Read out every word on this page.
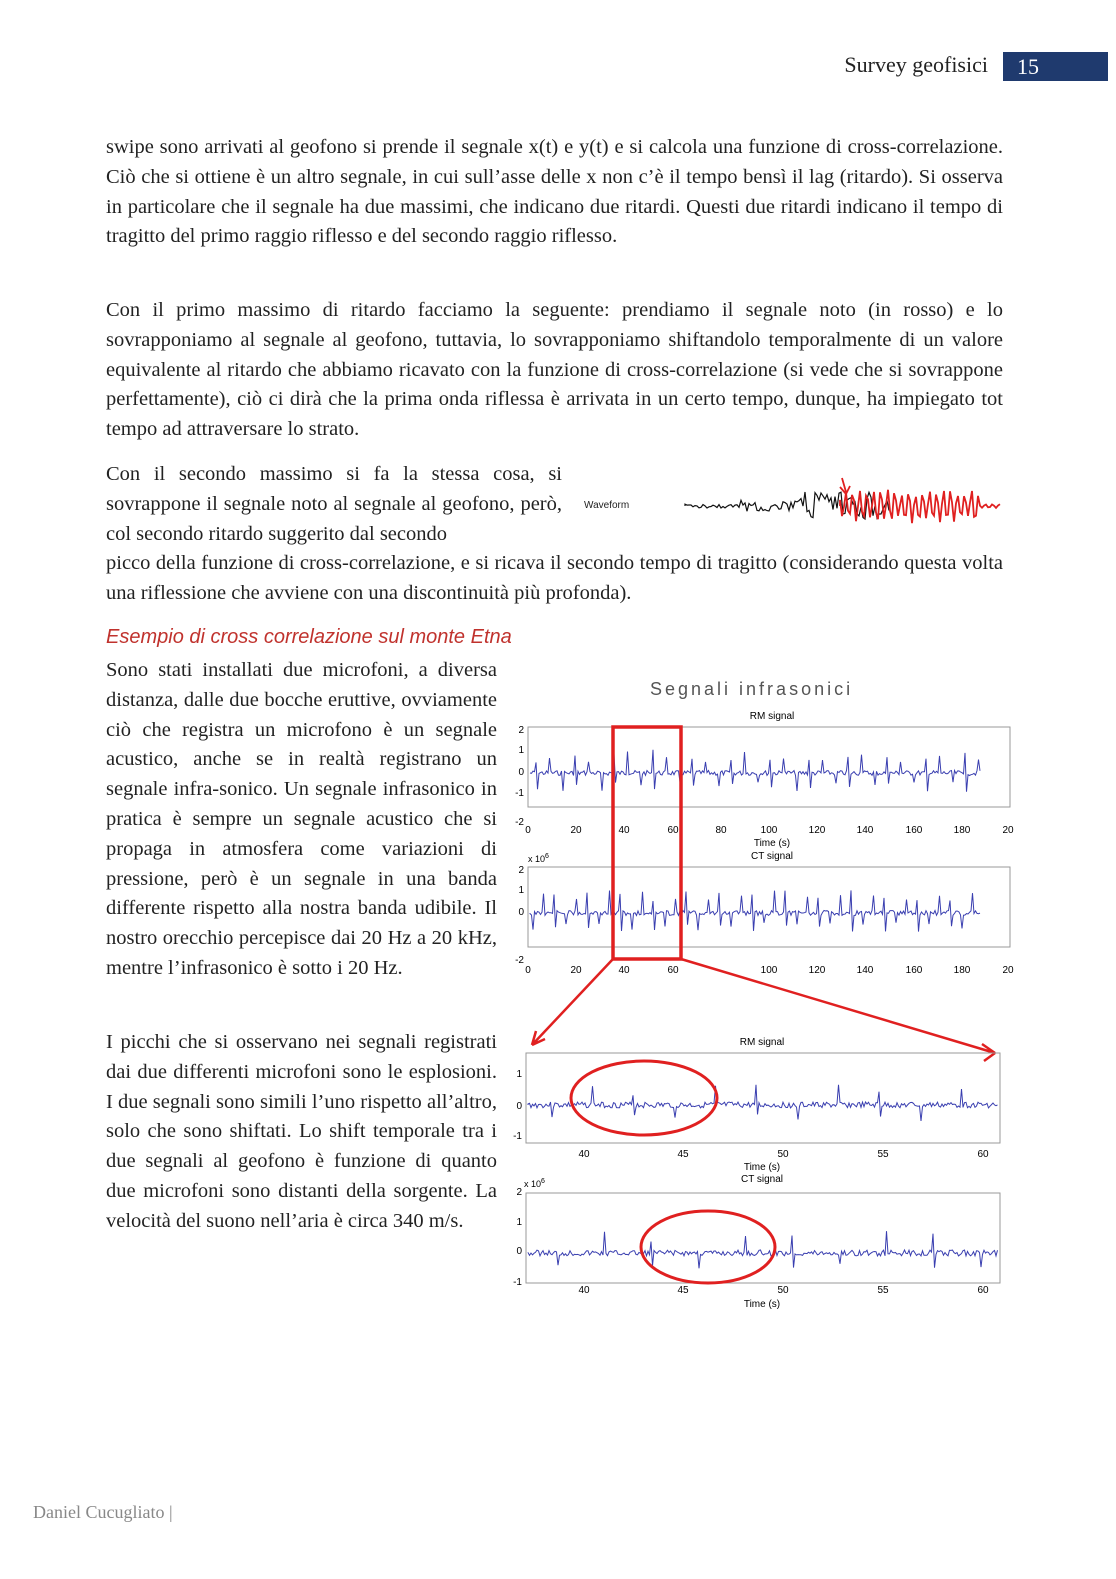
Survey geofisici	15

swipe sono arrivati al geofono si prende il segnale x(t) e y(t) e si calcola una funzione di cross-correlazione. Ciò che si ottiene è un altro segnale, in cui sull’asse delle x non c’è il tempo bensì il lag (ritardo). Si osserva in particolare che il segnale ha due massimi, che indicano due ritardi. Questi due ritardi indicano il tempo di tragitto del primo raggio riflesso e del secondo raggio riflesso.

Con il primo massimo di ritardo facciamo la seguente: prendiamo il segnale noto (in rosso) e lo sovrapponiamo al segnale al geofono, tuttavia, lo sovrapponiamo shiftandolo temporalmente di un valore equivalente al ritardo che abbiamo ricavato con la funzione di cross-correlazione (si vede che si sovrappone perfettamente), ciò ci dirà che la prima onda riflessa è arrivata in un certo tempo, dunque, ha impiegato tot tempo ad attraversare lo strato.

Con il secondo massimo si fa la stessa cosa, si sovrappone il segnale noto al segnale al geofono, però, col secondo ritardo suggerito dal secondo

picco della funzione di cross-correlazione, e si ricava il secondo tempo di tragitto (considerando questa volta una riflessione che avviene con una discontinuità più profonda).

Waveform
Esempio di cross correlazione sul monte Etna

Sono stati installati due microfoni, a diversa distanza, dalle due bocche eruttive, ovviamente ciò che registra un microfono è un segnale acustico, anche se in realtà registrano un segnale infra-sonico. Un segnale infrasonico in pratica è sempre un segnale acustico che si propaga in atmosfera come variazioni di pressione, però è un segnale in una banda differente rispetto alla nostra banda udibile. Il nostro orecchio percepisce dai 20 Hz a 20 kHz, mentre l’infrasonico è sotto i 20 Hz.

I picchi che si osservano nei segnali registrati dai due differenti microfoni sono le esplosioni. I due segnali sono simili l’uno rispetto all’altro, solo che sono shiftati. Lo shift temporale tra i due segnali al geofono è funzione di quanto due microfoni sono distanti della sorgente. La velocità del suono nell’aria è circa 340 m/s.

Segnali infrasonici
RM signal
2
1
0
-1
-2
0	20	40	60	80	100	120	140	160	180	20
Time (s)
CT signal
x $10^6$
2
1
0
-2
0	20	40	60	100	120	140	160	180	20
RM signal
1
0
-1
40	45	50	55	60
Time (s)
CT signal
x $10^6$
2
1
0
-1
40	45	50	55	60
Time (s)
Daniel Cucugliato |
